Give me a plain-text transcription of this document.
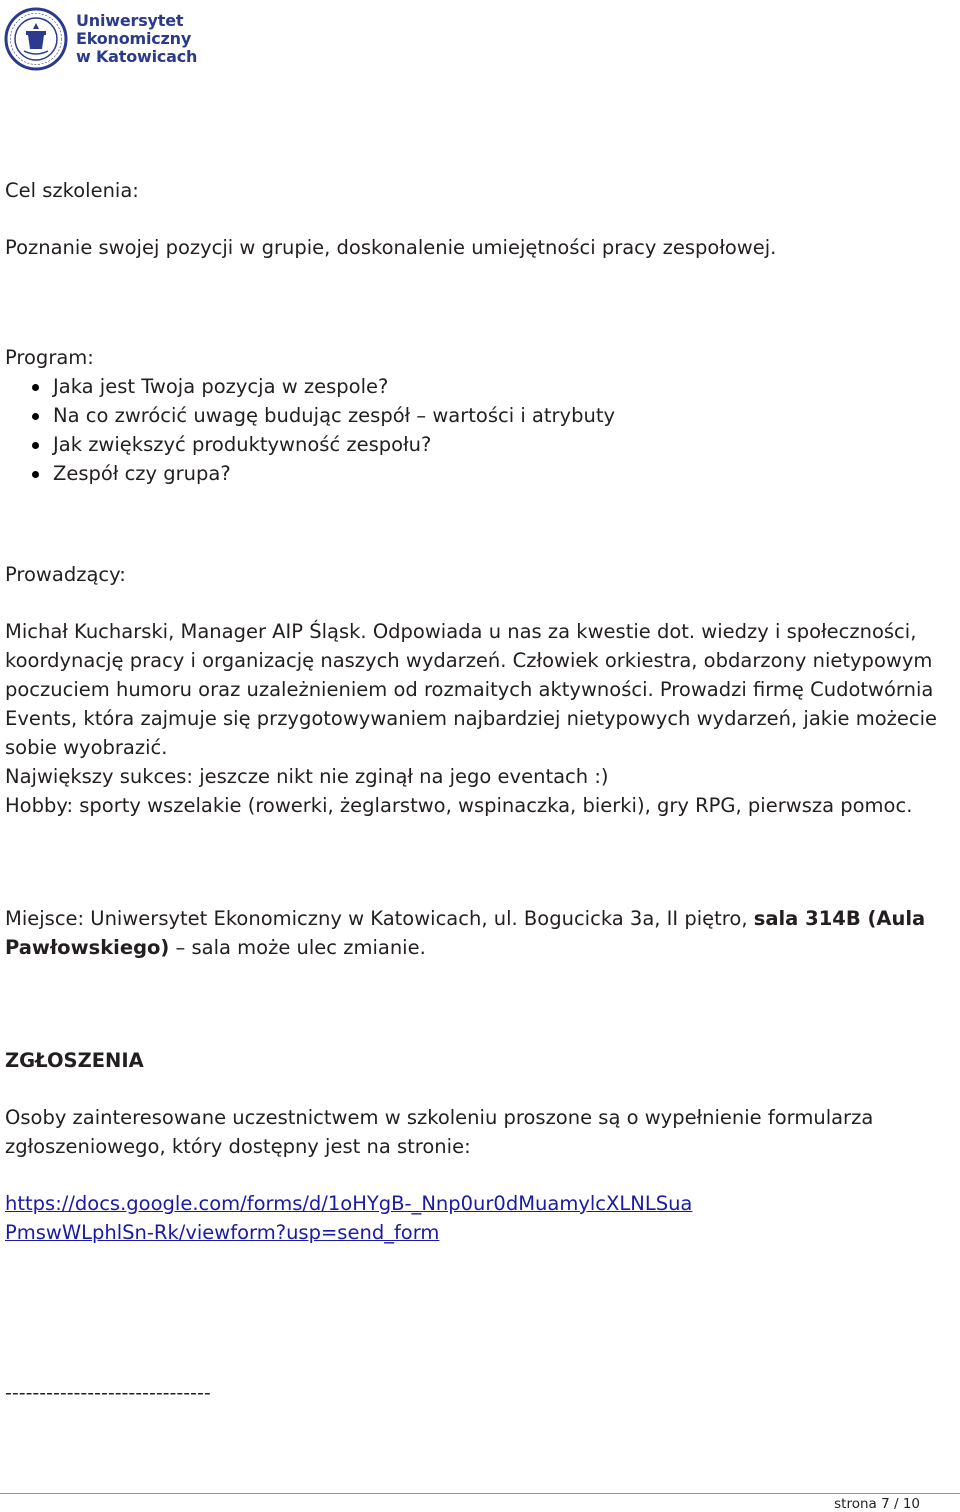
Uniwersytet
Ekonomiczny
w Katowicach

Cel szkolenia:

Poznanie swojej pozycji w grupie, doskonalenie umiejętności pracy zespołowej.

Program:

Jaka jest Twoja pozycja w zespole?
Na co zwrócić uwagę budując zespół – wartości i atrybuty
Jak zwiększyć produktywność zespołu?
Zespół czy grupa?

Prowadzący:

Michał Kucharski, Manager AIP Śląsk. Odpowiada u nas za kwestie dot. wiedzy i społeczności, koordynację pracy i organizację naszych wydarzeń. Człowiek orkiestra, obdarzony nietypowym poczuciem humoru oraz uzależnieniem od rozmaitych aktywności. Prowadzi firmę Cudotwórnia Events, która zajmuje się przygotowywaniem najbardziej nietypowych wydarzeń, jakie możecie sobie wyobrazić.

Największy sukces: jeszcze nikt nie zginął na jego eventach :)

Hobby: sporty wszelakie (rowerki, żeglarstwo, wspinaczka, bierki), gry RPG, pierwsza pomoc.

Miejsce: Uniwersytet Ekonomiczny w Katowicach, ul. Bogucicka 3a, II piętro, sala 314B (Aula Pawłowskiego) – sala może ulec zmianie.

ZGŁOSZENIA

Osoby zainteresowane uczestnictwem w szkoleniu proszone są o wypełnienie formularza zgłoszeniowego, który dostępny jest na stronie:

https://docs.google.com/forms/d/1oHYgB-_Nnp0ur0dMuamylcXLNLSua
PmswWLphlSn-Rk/viewform?usp=send_form

------------------------------
strona 7 / 10
